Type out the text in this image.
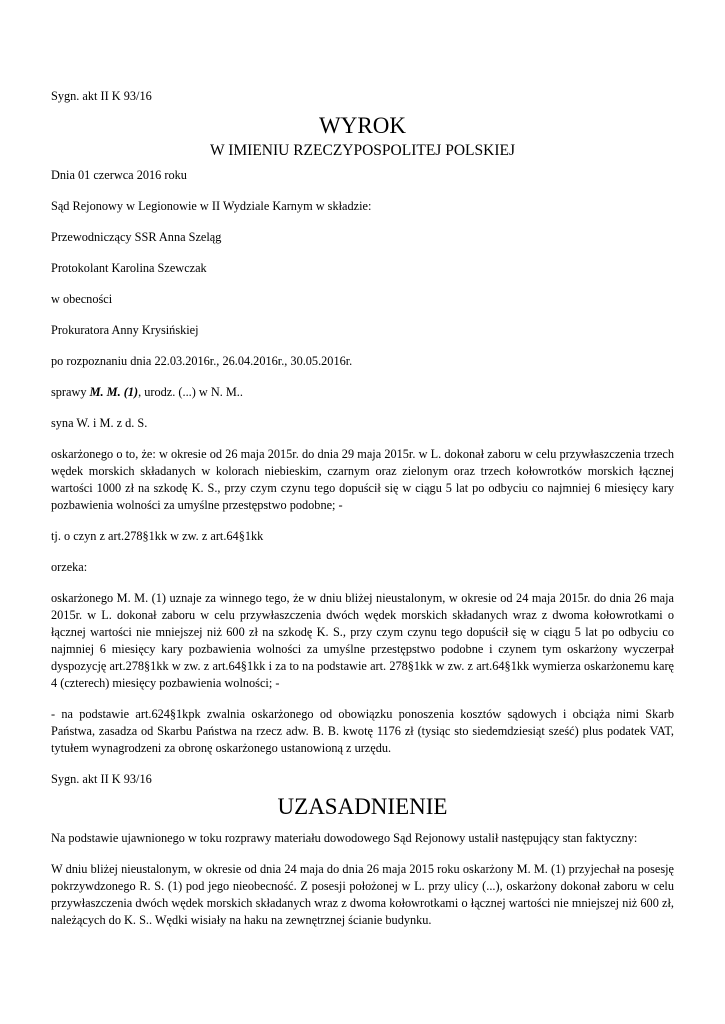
Sygn. akt II K 93/16

WYROK

W IMIENIU RZECZYPOSPOLITEJ POLSKIEJ

Dnia 01 czerwca 2016 roku

Sąd Rejonowy w Legionowie w II Wydziale Karnym w składzie:

Przewodniczący SSR Anna Szeląg

Protokolant Karolina Szewczak

w obecności

Prokuratora Anny Krysińskiej

po rozpoznaniu dnia 22.03.2016r., 26.04.2016r., 30.05.2016r.

sprawy M. M. (1), urodz. (...) w N. M..

syna W. i M. z d. S.

oskarżonego o to, że: w okresie od 26 maja 2015r. do dnia 29 maja 2015r. w L. dokonał zaboru w celu przywłaszczenia trzech wędek morskich składanych w kolorach niebieskim, czarnym oraz zielonym oraz trzech kołowrotków morskich łącznej wartości 1000 zł na szkodę K. S., przy czym czynu tego dopuścił się w ciągu 5 lat po odbyciu co najmniej 6 miesięcy kary pozbawienia wolności za umyślne przestępstwo podobne; -

tj. o czyn z art.278§1kk w zw. z art.64§1kk

orzeka:

oskarżonego M. M. (1) uznaje za winnego tego, że w dniu bliżej nieustalonym, w okresie od 24 maja 2015r. do dnia 26 maja 2015r. w L. dokonał zaboru w celu przywłaszczenia dwóch wędek morskich składanych wraz z dwoma kołowrotkami o łącznej wartości nie mniejszej niż 600 zł na szkodę K. S., przy czym czynu tego dopuścił się w ciągu 5 lat po odbyciu co najmniej 6 miesięcy kary pozbawienia wolności za umyślne przestępstwo podobne i czynem tym oskarżony wyczerpał dyspozycję art.278§1kk w zw. z art.64§1kk i za to na podstawie art. 278§1kk w zw. z art.64§1kk wymierza oskarżonemu karę 4 (czterech) miesięcy pozbawienia wolności; -

- na podstawie art.624§1kpk zwalnia oskarżonego od obowiązku ponoszenia kosztów sądowych i obciąża nimi Skarb Państwa, zasadza od Skarbu Państwa na rzecz adw. B. B. kwotę 1176 zł (tysiąc sto siedemdziesiąt sześć) plus podatek VAT, tytułem wynagrodzeni za obronę oskarżonego ustanowioną z urzędu.

Sygn. akt II K 93/16

UZASADNIENIE

Na podstawie ujawnionego w toku rozprawy materiału dowodowego Sąd Rejonowy ustalił następujący stan faktyczny:

W dniu bliżej nieustalonym, w okresie od dnia 24 maja do dnia 26 maja 2015 roku oskarżony M. M. (1) przyjechał na posesję pokrzywdzonego R. S. (1) pod jego nieobecność. Z posesji położonej w L. przy ulicy (...), oskarżony dokonał zaboru w celu przywłaszczenia dwóch wędek morskich składanych wraz z dwoma kołowrotkami o łącznej wartości nie mniejszej niż 600 zł, należących do K. S.. Wędki wisiały na haku na zewnętrznej ścianie budynku.
